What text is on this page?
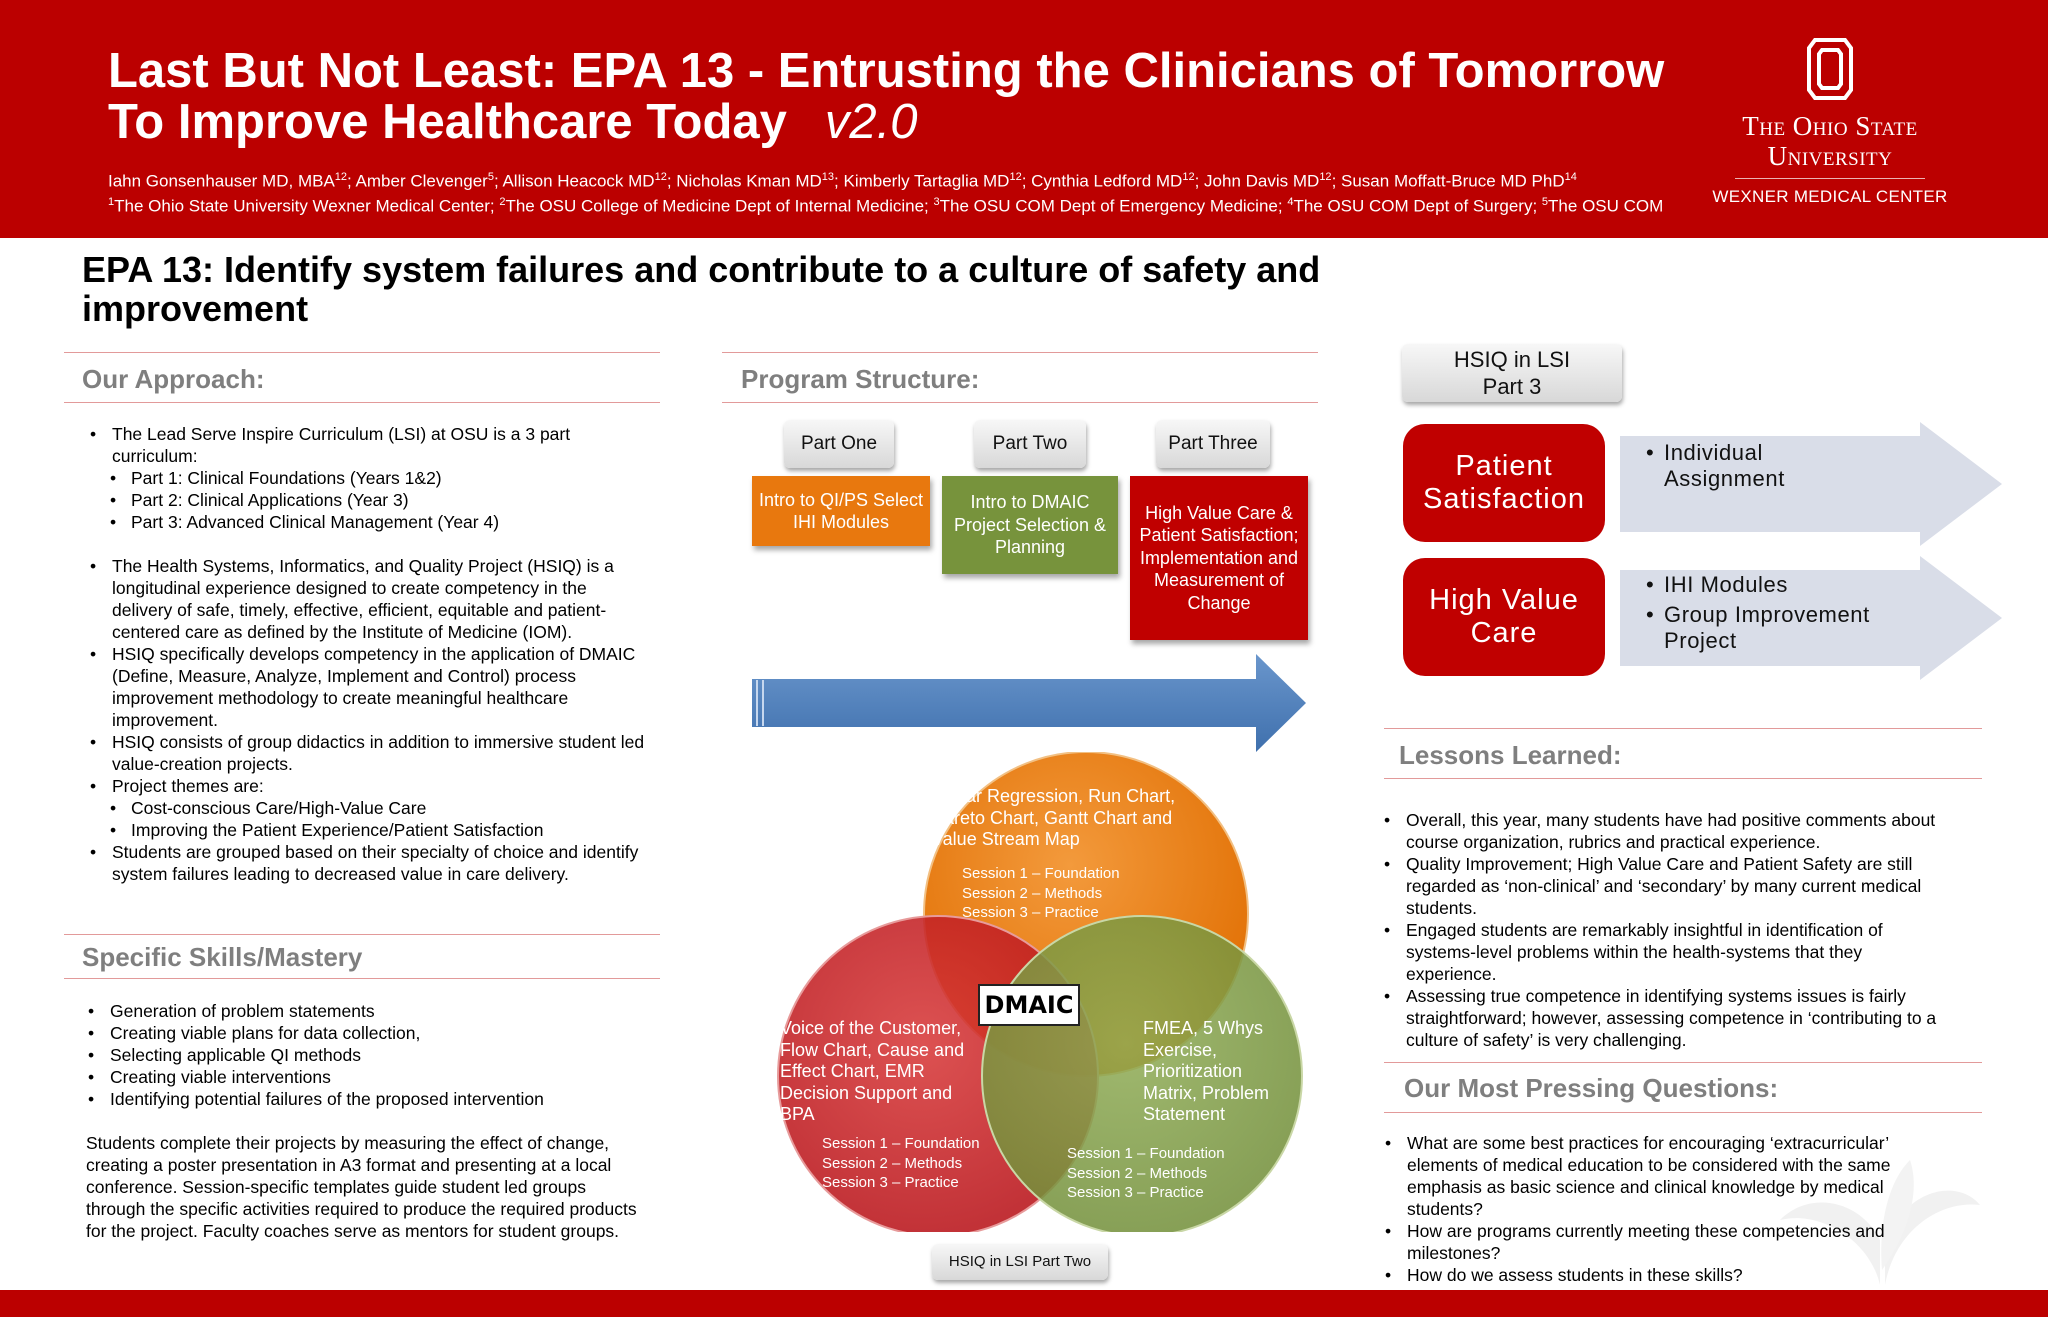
Last But Not Least: EPA 13 - Entrusting the Clinicians of Tomorrow
To Improve Healthcare Today v2.0
Iahn Gonsenhauser MD, MBA$^{12}$; Amber Clevenger$^5$; Allison Heacock MD$^{12}$; Nicholas Kman MD$^{13}$; Kimberly Tartaglia MD$^{12}$; Cynthia Ledford MD$^{12}$; John Davis MD$^{12}$; Susan Moffatt-Bruce MD PhD$^{14}$
$^1$The Ohio State University Wexner Medical Center; $^2$The OSU College of Medicine Dept of Internal Medicine; $^3$The OSU COM Dept of Emergency Medicine; $^4$The OSU COM Dept of Surgery; $^5$The OSU COM
The Ohio State
University
WEXNER MEDICAL CENTER
EPA 13: Identify system failures and contribute to a culture of safety and improvement
Our Approach:
• The Lead Serve Inspire Curriculum (LSI) at OSU is a 3 part curriculum:
• Part 1: Clinical Foundations (Years 1&2)
• Part 2: Clinical Applications (Year 3)
• Part 3: Advanced Clinical Management (Year 4)
• The Health Systems, Informatics, and Quality Project (HSIQ) is a longitudinal experience designed to create competency in the delivery of safe, timely, effective, efficient, equitable and patient-centered care as defined by the Institute of Medicine (IOM).
• HSIQ specifically develops competency in the application of DMAIC (Define, Measure, Analyze, Implement and Control) process improvement methodology to create meaningful healthcare improvement.
• HSIQ consists of group didactics in addition to immersive student led value-creation projects.
• Project themes are:
• Cost-conscious Care/High-Value Care
• Improving the Patient Experience/Patient Satisfaction
• Students are grouped based on their specialty of choice and identify system failures leading to decreased value in care delivery.
Specific Skills/Mastery
• Generation of problem statements
• Creating viable plans for data collection,
• Selecting applicable QI methods
• Creating viable interventions
• Identifying potential failures of the proposed intervention
Students complete their projects by measuring the effect of change, creating a poster presentation in A3 format and presenting at a local conference. Session-specific templates guide student led groups through the specific activities required to produce the required products for the project. Faculty coaches serve as mentors for student groups.
Program Structure:
Part One	Part Two	Part Three
Intro to QI/PS Select IHI Modules
Intro to DMAIC Project Selection & Planning
High Value Care & Patient Satisfaction; Implementation and Measurement of Change
Linear Regression, Run Chart, Pareto Chart, Gantt Chart and Value Stream Map
Session 1 – Foundation
Session 2 – Methods
Session 3 – Practice
Voice of the Customer, Flow Chart, Cause and Effect Chart, EMR Decision Support and BPA
Session 1 – Foundation
Session 2 – Methods
Session 3 – Practice
FMEA, 5 Whys Exercise, Prioritization Matrix, Problem Statement
Session 1 – Foundation
Session 2 – Methods
Session 3 – Practice
DMAIC
HSIQ in LSI Part Two
HSIQ in LSI
Part 3
Patient
Satisfaction
• Individual Assignment
High Value
Care
• IHI Modules
• Group Improvement Project
Lessons Learned:
• Overall, this year, many students have had positive comments about course organization, rubrics and practical experience.
• Quality Improvement; High Value Care and Patient Safety are still regarded as ‘non-clinical’ and ‘secondary’ by many current medical students.
• Engaged students are remarkably insightful in identification of systems-level problems within the health-systems that they experience.
• Assessing true competence in identifying systems issues is fairly straightforward; however, assessing competence in ‘contributing to a culture of safety’ is very challenging.
Our Most Pressing Questions:
• What are some best practices for encouraging ‘extracurricular’ elements of medical education to be considered with the same emphasis as basic science and clinical knowledge by medical students?
• How are programs currently meeting these competencies and milestones?
• How do we assess students in these skills?
